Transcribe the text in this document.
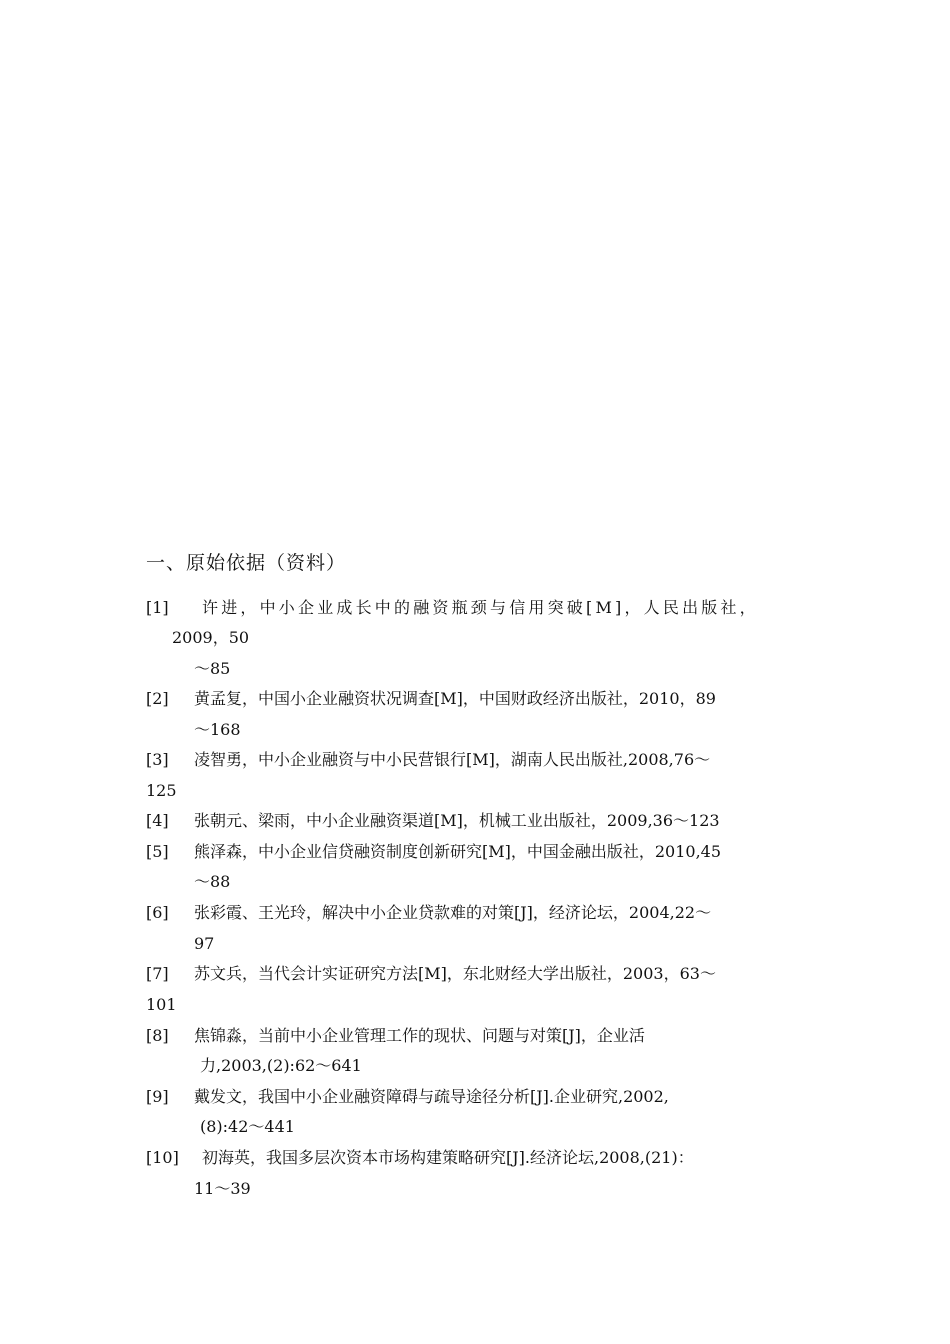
一、原始依据（资料）
[1] 许进，中小企业成长中的融资瓶颈与信用突破[M]，人民出版社，
2009，50
～85
[2] 黄孟复，中国小企业融资状况调查[M]，中国财政经济出版社，2010，89
～168
[3] 凌智勇，中小企业融资与中小民营银行[M]，湖南人民出版社,2008,76～
125
[4] 张朝元、梁雨，中小企业融资渠道[M]，机械工业出版社，2009,36～123
[5] 熊泽森，中小企业信贷融资制度创新研究[M]，中国金融出版社，2010,45
～88
[6] 张彩霞、王光玲，解决中小企业贷款难的对策[J]，经济论坛，2004,22～
97
[7] 苏文兵，当代会计实证研究方法[M]，东北财经大学出版社，2003，63～
101
[8] 焦锦淼，当前中小企业管理工作的现状、问题与对策[J]，企业活
力,2003,(2):62～641
[9] 戴发文，我国中小企业融资障碍与疏导途径分析[J].企业研究,2002,
(8):42～441
[10] 初海英，我国多层次资本市场构建策略研究[J].经济论坛,2008,(21)：
11～39
